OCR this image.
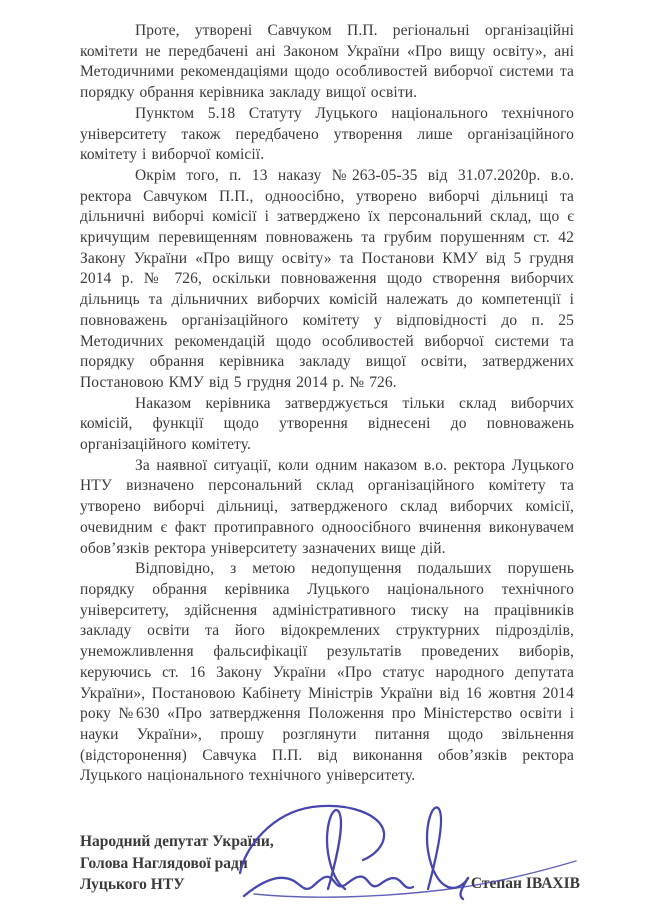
Проте, утворені Савчуком П.П. регіональні організаційні комітети не передбачені ані Законом України «Про вищу освіту», ані Методичними рекомендаціями щодо особливостей виборчої системи та порядку обрання керівника закладу вищої освіти.

Пунктом 5.18 Статуту Луцького національного технічного університету також передбачено утворення лише організаційного комітету і виборчої комісії.

Окрім того, п. 13 наказу №263-05-35 від 31.07.2020р. в.о. ректора Савчуком П.П., одноосібно, утворено виборчі дільниці та дільничні виборчі комісії і затверджено їх персональний склад, що є кричущим перевищенням повноважень та грубим порушенням ст. 42 Закону України «Про вищу освіту» та Постанови КМУ від 5 грудня 2014 р. № 726, оскільки повноваження щодо створення виборчих дільниць та дільничних виборчих комісій належать до компетенції і повноважень організаційного комітету у відповідності до п. 25 Методичних рекомендацій щодо особливостей виборчої системи та порядку обрання керівника закладу вищої освіти, затверджених Постановою КМУ від 5 грудня 2014 р. № 726.

Наказом керівника затверджується тільки склад виборчих комісій, функції щодо утворення віднесені до повноважень організаційного комітету.

За наявної ситуації, коли одним наказом в.о. ректора Луцького НТУ визначено персональний склад організаційного комітету та утворено виборчі дільниці, затвердженого склад виборчих комісії, очевидним є факт протиправного одноосібного вчинення виконувачем обов’язків ректора університету зазначених вище дій.

Відповідно, з метою недопущення подальших порушень порядку обрання керівника Луцького національного технічного університету, здійснення адміністративного тиску на працівників закладу освіти та його відокремлених структурних підрозділів, унеможливлення фальсифікації результатів проведених виборів, керуючись ст. 16 Закону України «Про статус народного депутата України», Постановою Кабінету Міністрів України від 16 жовтня 2014 року №630 «Про затвердження Положення про Міністерство освіти і науки України», прошу розглянути питання щодо звільнення (відсторонення) Савчука П.П. від виконання обов’язків ректора Луцького національного технічного університету.

Народний депутат України,
Голова Наглядової ради
Луцького НТУ	Степан ІВАХІВ
